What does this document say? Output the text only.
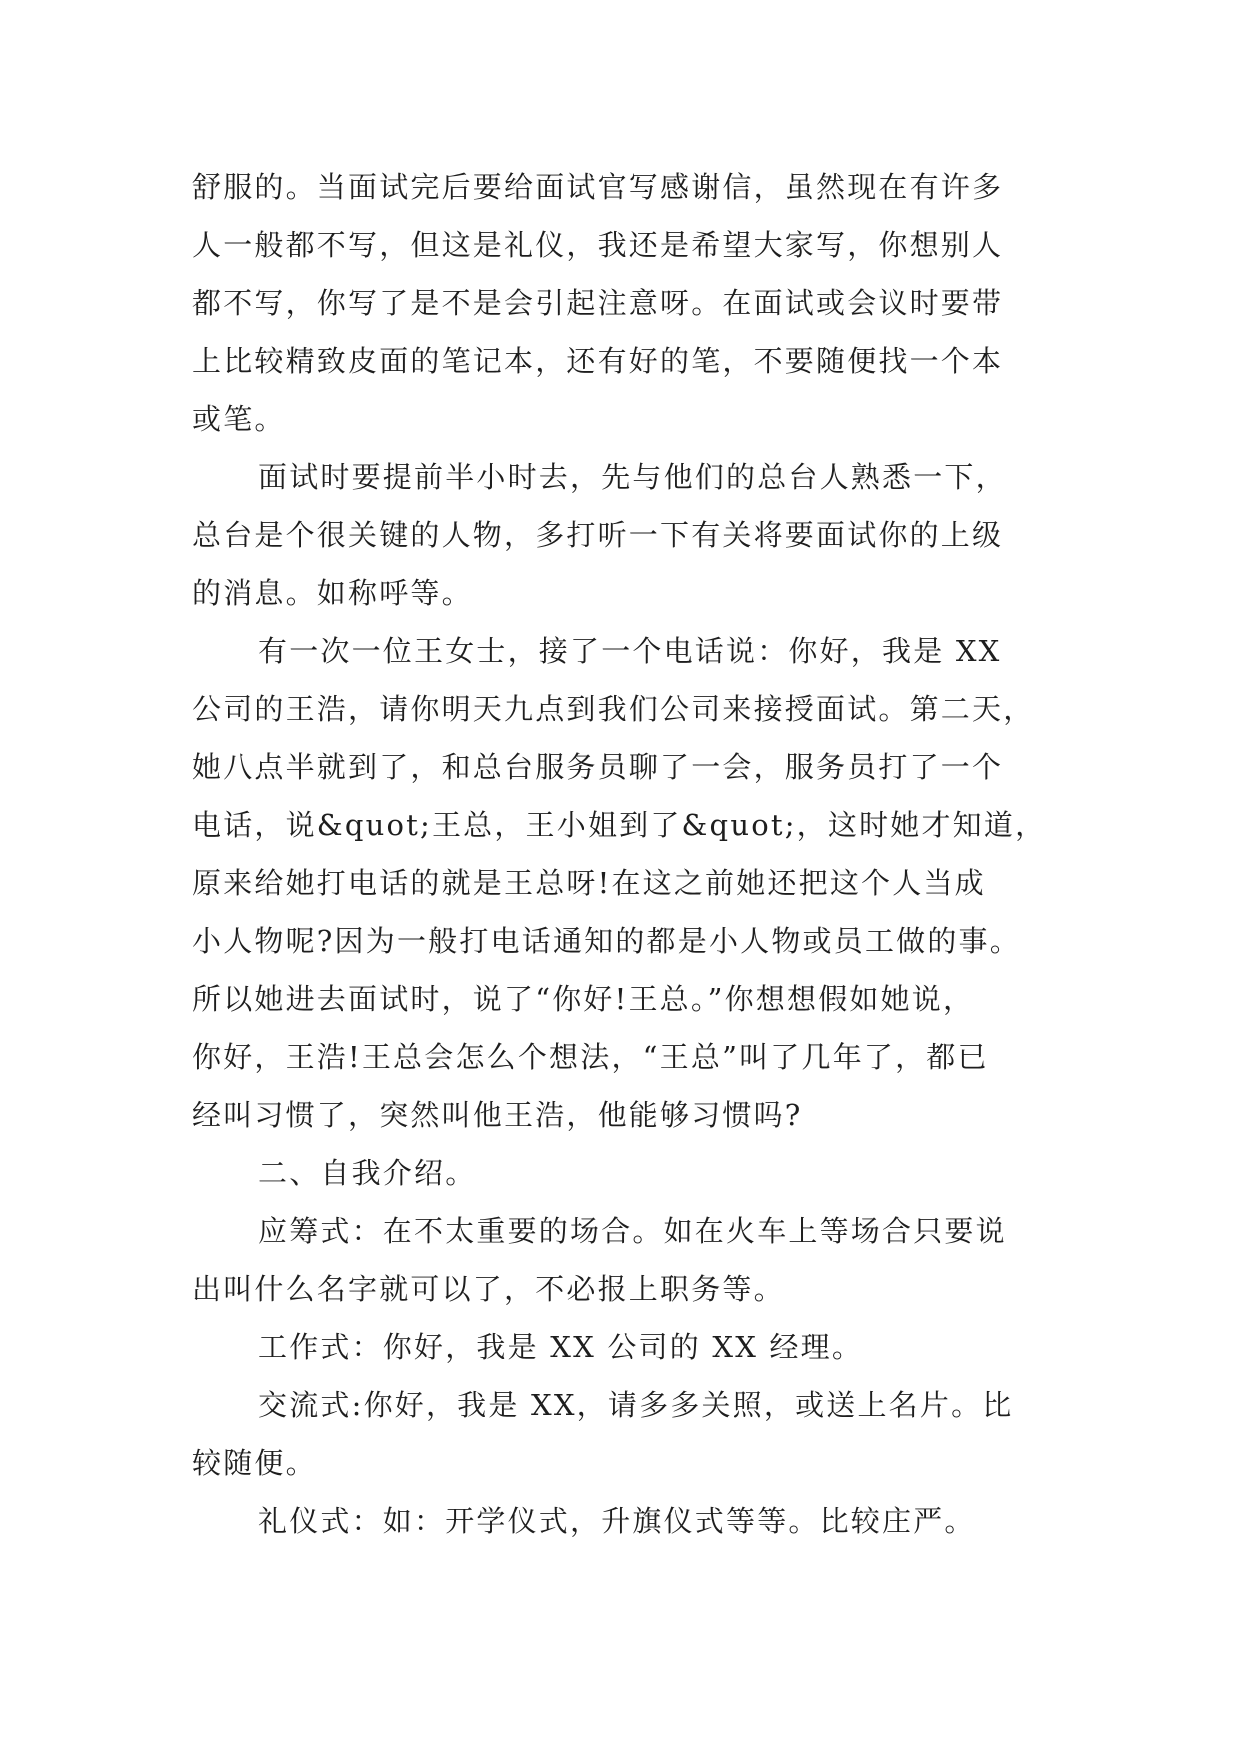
舒服的。当面试完后要给面试官写感谢信，虽然现在有许多
人一般都不写，但这是礼仪，我还是希望大家写，你想别人
都不写，你写了是不是会引起注意呀。在面试或会议时要带
上比较精致皮面的笔记本，还有好的笔，不要随便找一个本
或笔。
面试时要提前半小时去，先与他们的总台人熟悉一下，
总台是个很关键的人物，多打听一下有关将要面试你的上级
的消息。如称呼等。
有一次一位王女士，接了一个电话说：你好，我是 XX
公司的王浩，请你明天九点到我们公司来接授面试。第二天，
她八点半就到了，和总台服务员聊了一会，服务员打了一个
电话，说&quot;王总，王小姐到了&quot;，这时她才知道，
原来给她打电话的就是王总呀!在这之前她还把这个人当成
小人物呢?因为一般打电话通知的都是小人物或员工做的事。
所以她进去面试时，说了“你好!王总。”你想想假如她说，
你好，王浩!王总会怎么个想法，“王总”叫了几年了，都已
经叫习惯了，突然叫他王浩，他能够习惯吗?
二、自我介绍。
应筹式：在不太重要的场合。如在火车上等场合只要说
出叫什么名字就可以了，不必报上职务等。
工作式：你好，我是 XX 公司的 XX 经理。
交流式:你好，我是 XX，请多多关照，或送上名片。比
较随便。
礼仪式：如：开学仪式，升旗仪式等等。比较庄严。
